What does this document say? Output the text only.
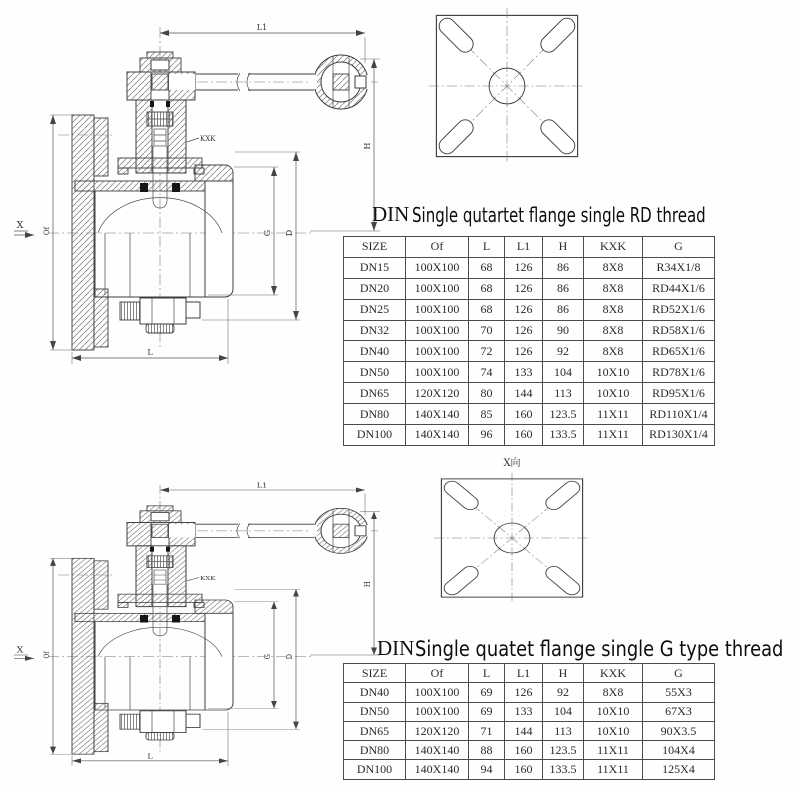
L1
H
G D
L
Of
X
KXK
DIN Single qutartet flange single RD thread
SIZE	Of	L	L1	H	KXK	G
DN15	100X100	68	126	86	8X8	R34X1/8
DN20	100X100	68	126	86	8X8	RD44X1/6
DN25	100X100	68	126	86	8X8	RD52X1/6
DN32	100X100	70	126	90	8X8	RD58X1/6
DN40	100X100	72	126	92	8X8	RD65X1/6
DN50	100X100	74	133	104	10X10	RD78X1/6
DN65	120X120	80	144	113	10X10	RD95X1/6
DN80	140X140	85	160	123.5	11X11	RD110X1/4
DN100	140X140	96	160	133.5	11X11	RD130X1/4
L1
H
G D
L
Of
X
KXK
X向
DINSingle quatet flange single G type thread
SIZE	Of	L	L1	H	KXK	G
DN40	100X100	69	126	92	8X8	55X3
DN50	100X100	69	133	104	10X10	67X3
DN65	120X120	71	144	113	10X10	90X3.5
DN80	140X140	88	160	123.5	11X11	104X4
DN100	140X140	94	160	133.5	11X11	125X4
